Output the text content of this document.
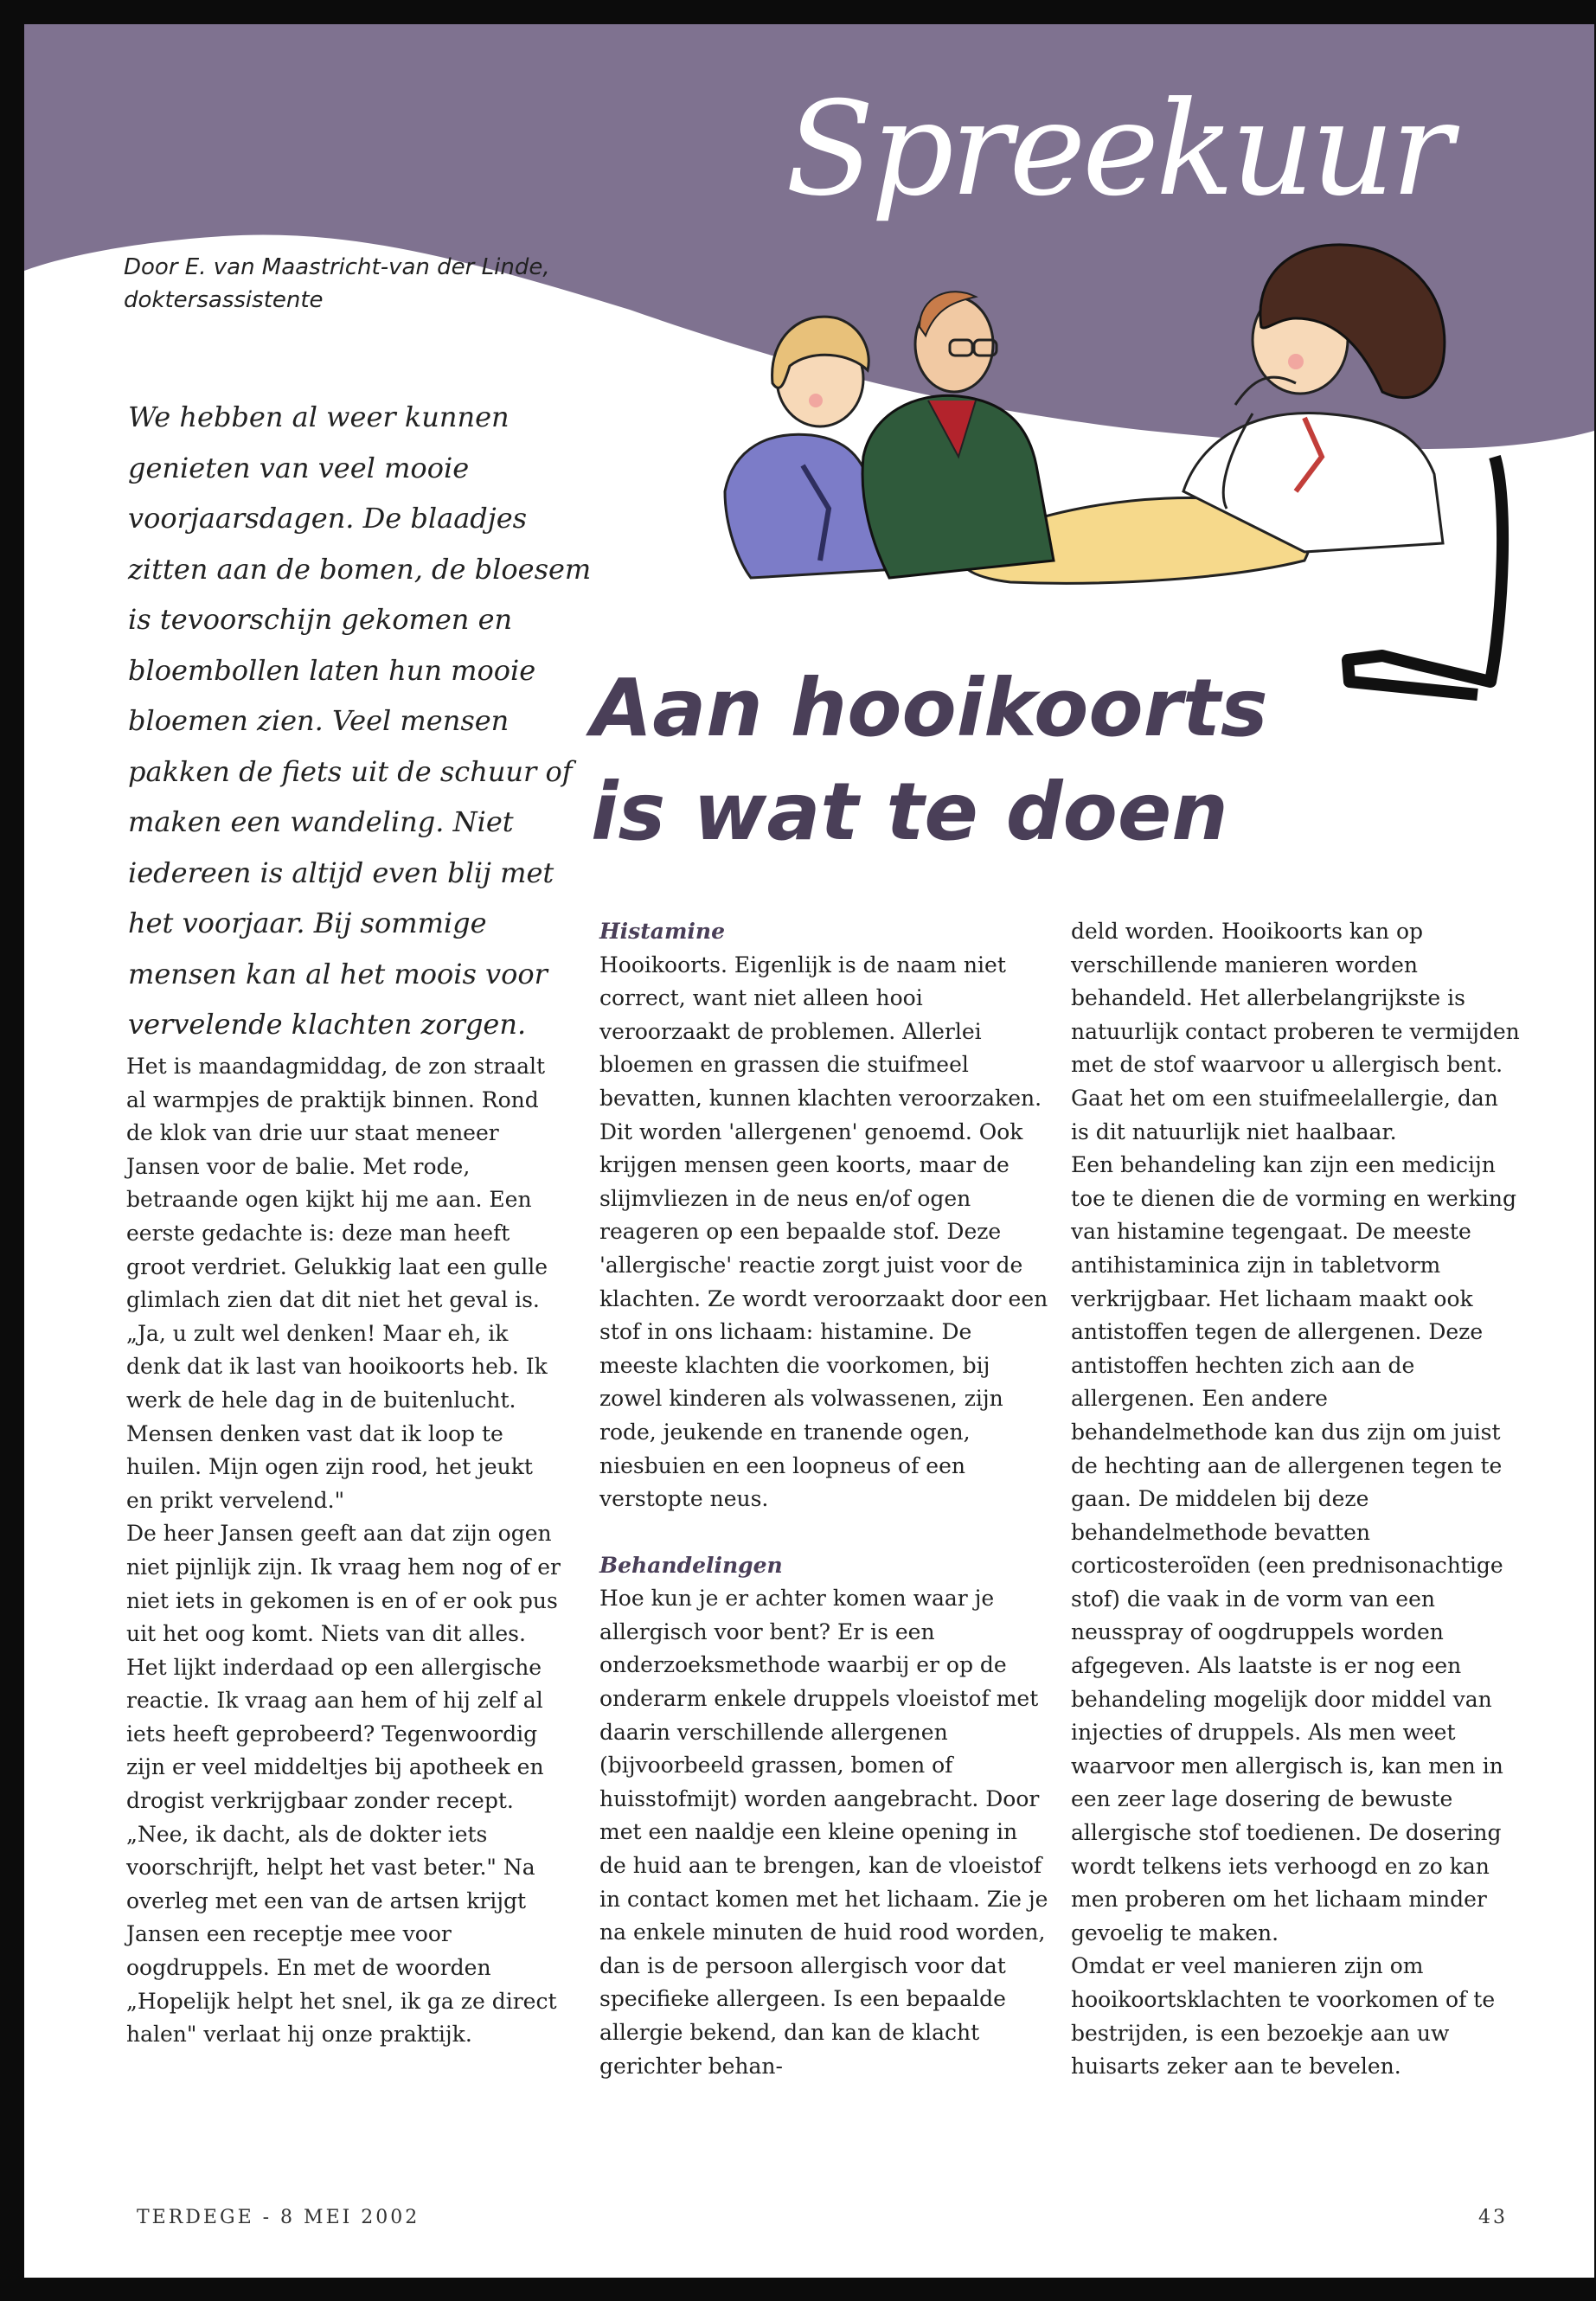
Spreekuur
Door E. van Maastricht-van der Linde, doktersassistente
Aan hooikoorts
is wat te doen
We hebben al weer kunnen genieten van veel mooie voorjaarsdagen. De blaadjes zitten aan de bomen, de bloesem is tevoorschijn gekomen en bloembollen laten hun mooie bloemen zien. Veel mensen pakken de fiets uit de schuur of maken een wandeling. Niet iedereen is altijd even blij met het voorjaar. Bij sommige mensen kan al het moois voor vervelende klachten zorgen.

Het is maandagmiddag, de zon straalt al warmpjes de praktijk binnen. Rond de klok van drie uur staat meneer Jansen voor de balie. Met rode, betraande ogen kijkt hij me aan. Een eerste gedachte is: deze man heeft groot verdriet. Gelukkig laat een gulle glimlach zien dat dit niet het geval is. „Ja, u zult wel denken! Maar eh, ik denk dat ik last van hooikoorts heb. Ik werk de hele dag in de buitenlucht. Mensen denken vast dat ik loop te huilen. Mijn ogen zijn rood, het jeukt en prikt vervelend."

De heer Jansen geeft aan dat zijn ogen niet pijnlijk zijn. Ik vraag hem nog of er niet iets in gekomen is en of er ook pus uit het oog komt. Niets van dit alles. Het lijkt inderdaad op een allergische reactie. Ik vraag aan hem of hij zelf al iets heeft geprobeerd? Tegenwoordig zijn er veel middeltjes bij apotheek en drogist verkrijgbaar zonder recept. „Nee, ik dacht, als de dokter iets voorschrijft, helpt het vast beter." Na overleg met een van de artsen krijgt Jansen een receptje mee voor oogdruppels. En met de woorden „Hopelijk helpt het snel, ik ga ze direct halen" verlaat hij onze praktijk.

Histamine

Hooikoorts. Eigenlijk is de naam niet correct, want niet alleen hooi veroorzaakt de problemen. Allerlei bloemen en grassen die stuifmeel bevatten, kunnen klachten veroorzaken. Dit worden 'allergenen' genoemd. Ook krijgen mensen geen koorts, maar de slijmvliezen in de neus en/of ogen reageren op een bepaalde stof. Deze 'allergische' reactie zorgt juist voor de klachten. Ze wordt veroorzaakt door een stof in ons lichaam: histamine. De meeste klachten die voorkomen, bij zowel kinderen als volwassenen, zijn rode, jeukende en tranende ogen, niesbuien en een loopneus of een verstopte neus.

Behandelingen

Hoe kun je er achter komen waar je allergisch voor bent? Er is een onderzoeksmethode waarbij er op de onderarm enkele druppels vloeistof met daarin verschillende allergenen (bijvoorbeeld grassen, bomen of huisstofmijt) worden aangebracht. Door met een naaldje een kleine opening in de huid aan te brengen, kan de vloeistof in contact komen met het lichaam. Zie je na enkele minuten de huid rood worden, dan is de persoon allergisch voor dat specifieke allergeen. Is een bepaalde allergie bekend, dan kan de klacht gerichter behan-

deld worden. Hooikoorts kan op verschillende manieren worden behandeld. Het allerbelangrijkste is natuurlijk contact proberen te vermijden met de stof waarvoor u allergisch bent. Gaat het om een stuifmeelallergie, dan is dit natuurlijk niet haalbaar.

Een behandeling kan zijn een medicijn toe te dienen die de vorming en werking van histamine tegengaat. De meeste antihistaminica zijn in tabletvorm verkrijgbaar. Het lichaam maakt ook antistoffen tegen de allergenen. Deze antistoffen hechten zich aan de allergenen. Een andere behandelmethode kan dus zijn om juist de hechting aan de allergenen tegen te gaan. De middelen bij deze behandelmethode bevatten corticosteroïden (een prednisonachtige stof) die vaak in de vorm van een neusspray of oogdruppels worden afgegeven. Als laatste is er nog een behandeling mogelijk door middel van injecties of druppels. Als men weet waarvoor men allergisch is, kan men in een zeer lage dosering de bewuste allergische stof toedienen. De dosering wordt telkens iets verhoogd en zo kan men proberen om het lichaam minder gevoelig te maken.

Omdat er veel manieren zijn om hooikoortsklachten te voorkomen of te bestrijden, is een bezoekje aan uw huisarts zeker aan te bevelen.

TERDEGE - 8 MEI 2002	43
